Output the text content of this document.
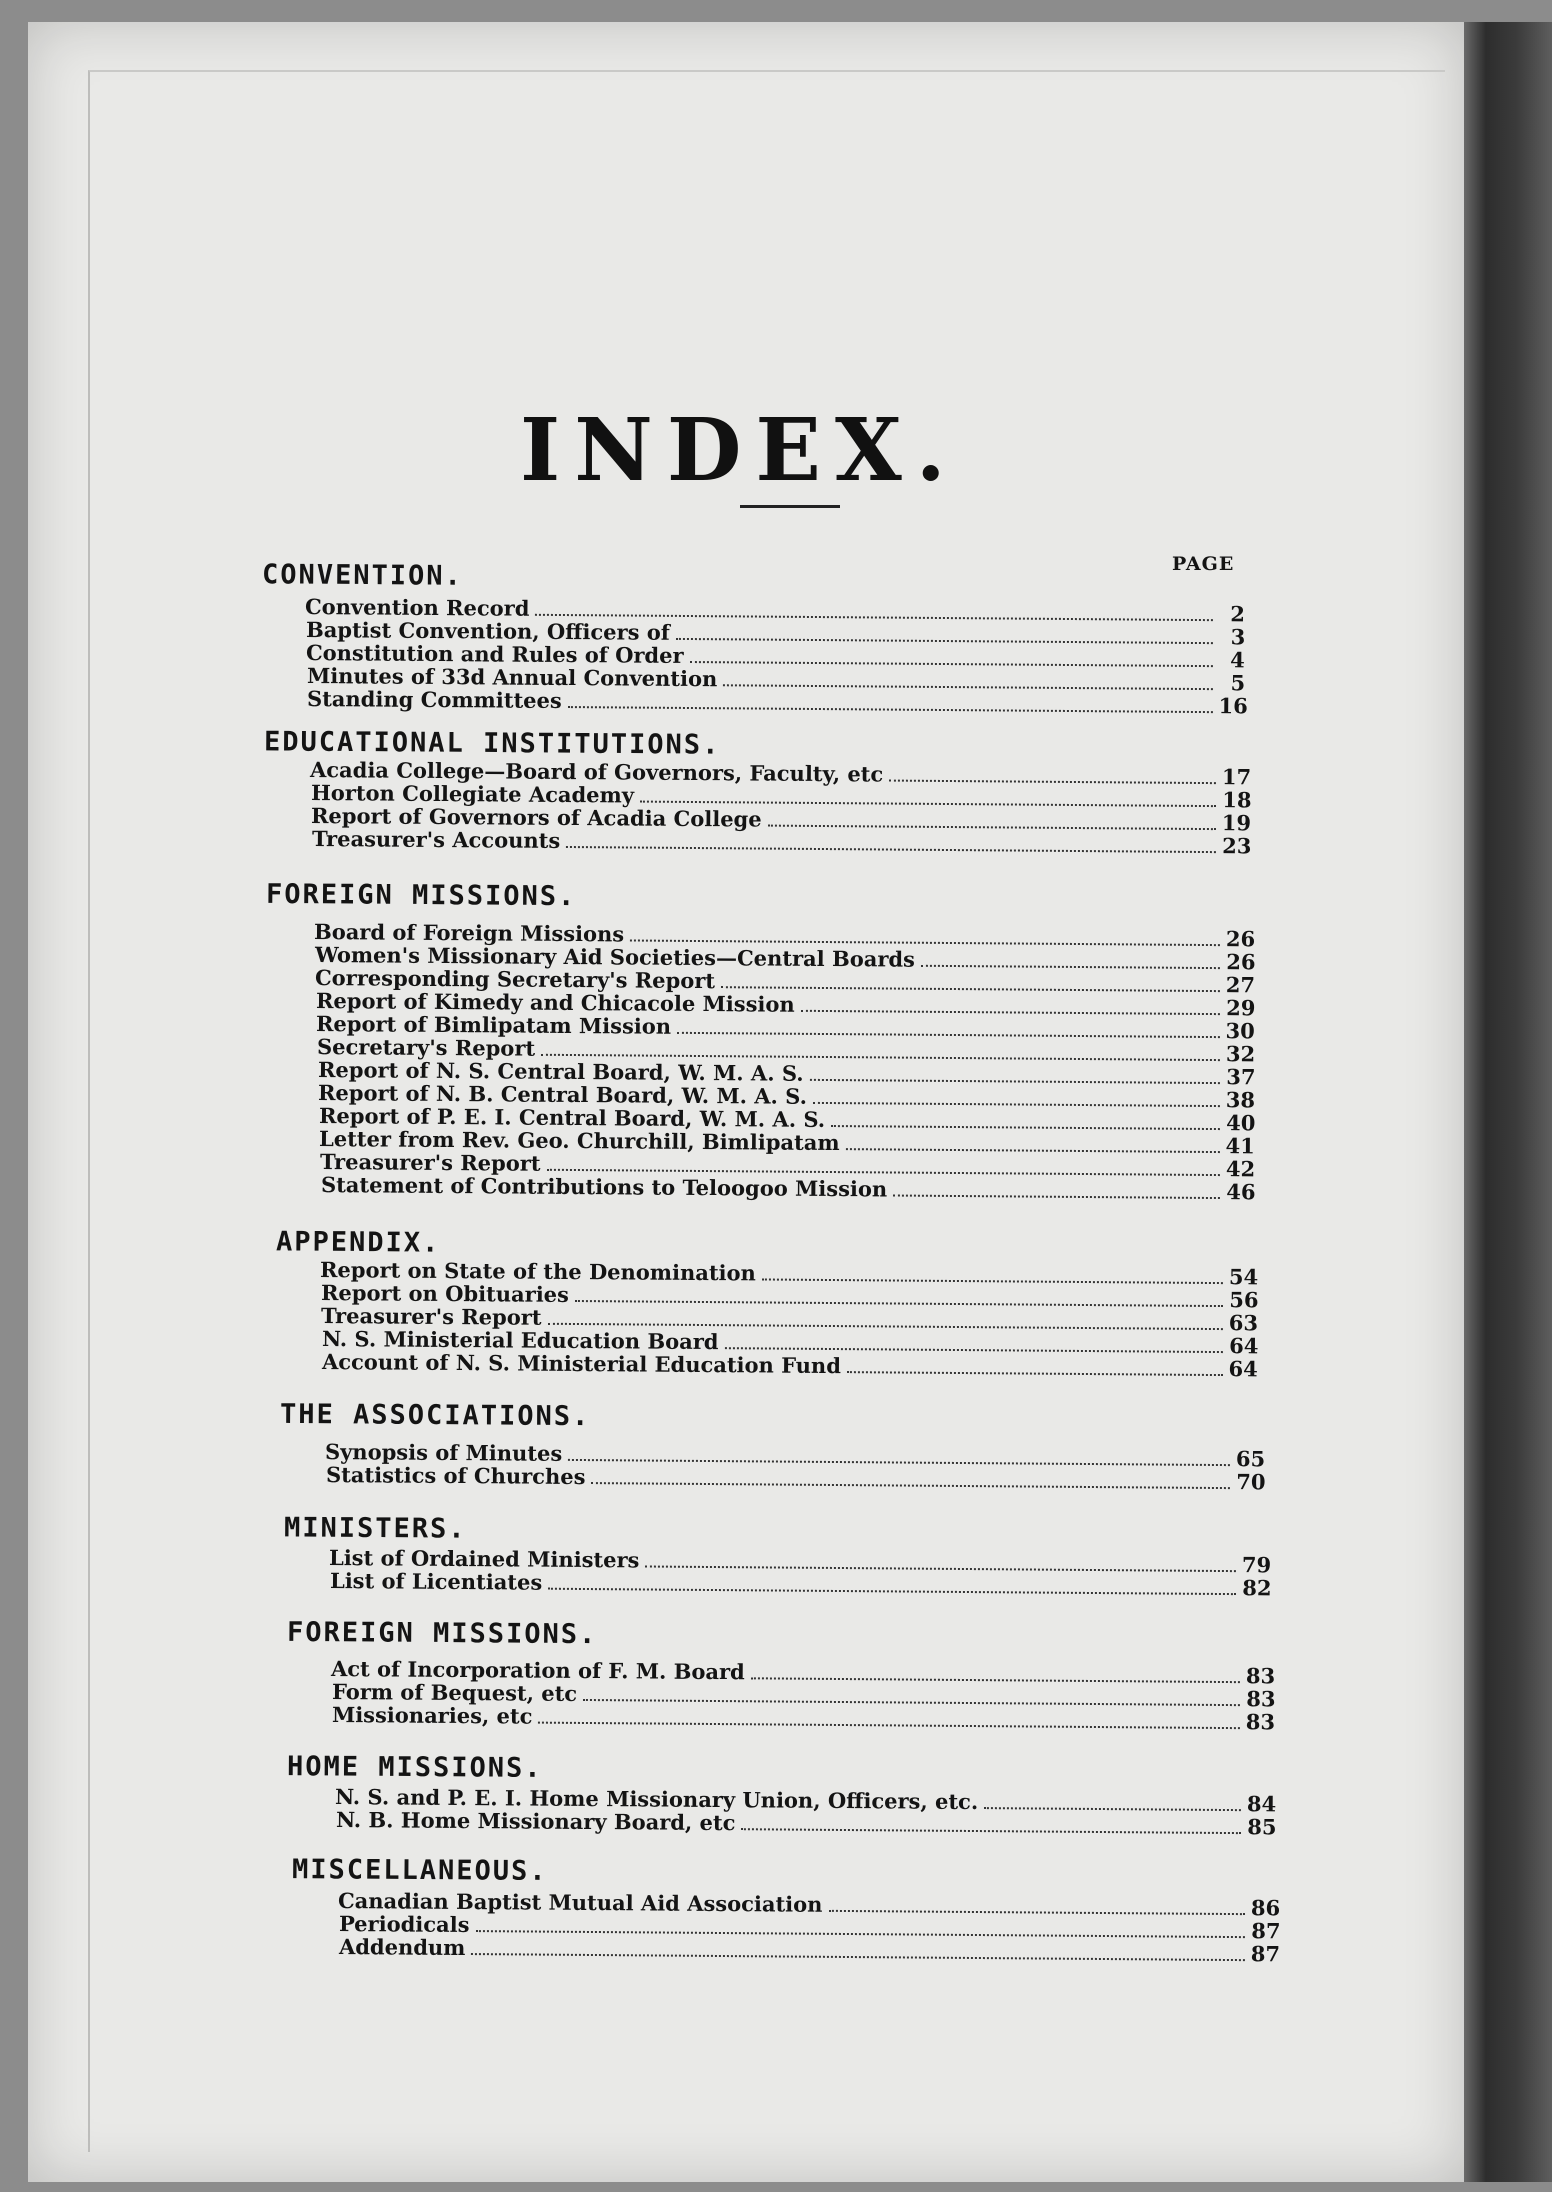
INDEX.
PAGE
CONVENTION.
Convention Record	2
Baptist Convention, Officers of	3
Constitution and Rules of Order	4
Minutes of 33d Annual Convention	5
Standing Committees	16
EDUCATIONAL INSTITUTIONS.
Acadia College—Board of Governors, Faculty, etc	17
Horton Collegiate Academy	18
Report of Governors of Acadia College	19
Treasurer's Accounts	23
FOREIGN MISSIONS.
Board of Foreign Missions	26
Women's Missionary Aid Societies—Central Boards	26
Corresponding Secretary's Report	27
Report of Kimedy and Chicacole Mission	29
Report of Bimlipatam Mission	30
Secretary's Report	32
Report of N. S. Central Board, W. M. A. S.	37
Report of N. B. Central Board, W. M. A. S.	38
Report of P. E. I. Central Board, W. M. A. S.	40
Letter from Rev. Geo. Churchill, Bimlipatam	41
Treasurer's Report	42
Statement of Contributions to Teloogoo Mission	46
APPENDIX.
Report on State of the Denomination	54
Report on Obituaries	56
Treasurer's Report	63
N. S. Ministerial Education Board	64
Account of N. S. Ministerial Education Fund	64
THE ASSOCIATIONS.
Synopsis of Minutes	65
Statistics of Churches	70
MINISTERS.
List of Ordained Ministers	79
List of Licentiates	82
FOREIGN MISSIONS.
Act of Incorporation of F. M. Board	83
Form of Bequest, etc	83
Missionaries, etc	83
HOME MISSIONS.
N. S. and P. E. I. Home Missionary Union, Officers, etc.	84
N. B. Home Missionary Board, etc	85
MISCELLANEOUS.
Canadian Baptist Mutual Aid Association	86
Periodicals	87
Addendum	87
